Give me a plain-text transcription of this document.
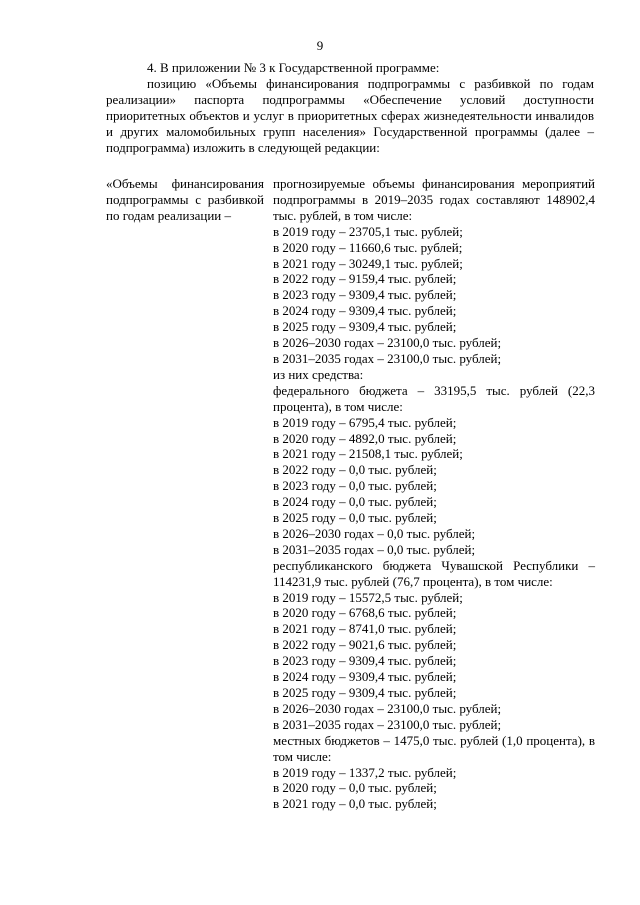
9

4. В приложении № 3 к Государственной программе:

позицию «Объемы финансирования подпрограммы с разбивкой по годам реализации» паспорта подпрограммы «Обеспечение условий доступности приоритетных объектов и услуг в приоритетных сферах жизнедеятельности инвалидов и других маломобильных групп населения» Государственной программы (далее – подпрограмма) изложить в следующей редакции:

«Объемы финансирования подпрограммы с разбивкой по годам реализации –
прогнозируемые объемы финансирования мероприятий подпрограммы в 2019–2035 годах составляют 148902,4 тыс. рублей, в том числе:
в 2019 году – 23705,1 тыс. рублей;
в 2020 году – 11660,6 тыс. рублей;
в 2021 году – 30249,1 тыс. рублей;
в 2022 году – 9159,4 тыс. рублей;
в 2023 году – 9309,4 тыс. рублей;
в 2024 году – 9309,4 тыс. рублей;
в 2025 году – 9309,4 тыс. рублей;
в 2026–2030 годах – 23100,0 тыс. рублей;
в 2031–2035 годах – 23100,0 тыс. рублей;
из них средства:
федерального бюджета – 33195,5 тыс. рублей (22,3 процента), в том числе:
в 2019 году – 6795,4 тыс. рублей;
в 2020 году – 4892,0 тыс. рублей;
в 2021 году – 21508,1 тыс. рублей;
в 2022 году – 0,0 тыс. рублей;
в 2023 году – 0,0 тыс. рублей;
в 2024 году – 0,0 тыс. рублей;
в 2025 году – 0,0 тыс. рублей;
в 2026–2030 годах – 0,0 тыс. рублей;
в 2031–2035 годах – 0,0 тыс. рублей;
республиканского бюджета Чувашской Республики – 114231,9 тыс. рублей (76,7 процента), в том числе:
в 2019 году – 15572,5 тыс. рублей;
в 2020 году – 6768,6 тыс. рублей;
в 2021 году – 8741,0 тыс. рублей;
в 2022 году – 9021,6 тыс. рублей;
в 2023 году – 9309,4 тыс. рублей;
в 2024 году – 9309,4 тыс. рублей;
в 2025 году – 9309,4 тыс. рублей;
в 2026–2030 годах – 23100,0 тыс. рублей;
в 2031–2035 годах – 23100,0 тыс. рублей;
местных бюджетов – 1475,0 тыс. рублей (1,0 процента), в том числе:
в 2019 году – 1337,2 тыс. рублей;
в 2020 году – 0,0 тыс. рублей;
в 2021 году – 0,0 тыс. рублей;
